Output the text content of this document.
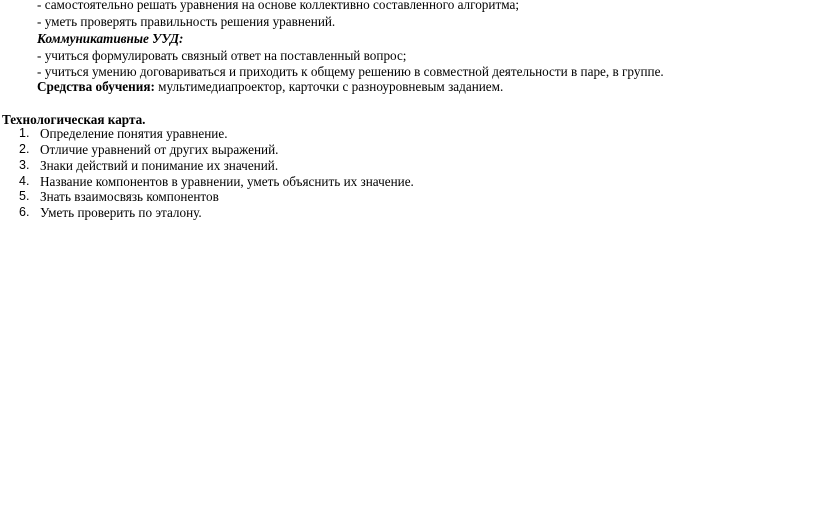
- самостоятельно решать уравнения на основе коллективно составленного алгоритма;
- уметь проверять правильность решения уравнений.
Коммуникативные УУД:
- учиться формулировать связный ответ на поставленный вопрос;
- учиться умению договариваться и приходить к общему решению в совместной деятельности в паре, в группе.
Средства обучения: мультимедиапроектор, карточки с разноуровневым заданием.
Технологическая карта.
1. Определение понятия уравнение.
2. Отличие уравнений от других выражений.
3. Знаки действий и понимание их значений.
4. Название компонентов в уравнении, уметь объяснить их значение.
5. Знать взаимосвязь компонентов
6. Уметь проверить по эталону.
